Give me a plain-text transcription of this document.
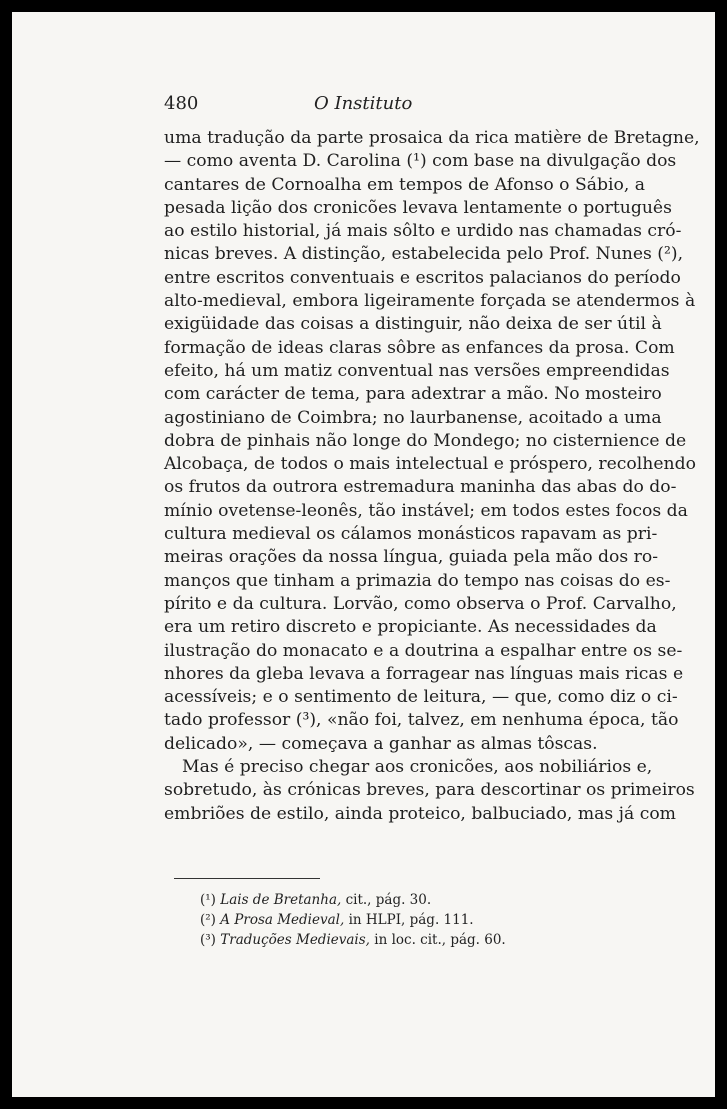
480	O Instituto
uma tradução da parte prosaica da rica matière de Bretagne,
— como aventa D. Carolina (¹) com base na divulgação dos
cantares de Cornoalha em tempos de Afonso o Sábio, a
pesada lição dos cronicões levava lentamente o português
ao estilo historial, já mais sôlto e urdido nas chamadas cró-
nicas breves. A distinção, estabelecida pelo Prof. Nunes (²),
entre escritos conventuais e escritos palacianos do período
alto-medieval, embora ligeiramente forçada se atendermos à
exigüidade das coisas a distinguir, não deixa de ser útil à
formação de ideas claras sôbre as enfances da prosa. Com
efeito, há um matiz conventual nas versões empreendidas
com carácter de tema, para adextrar a mão. No mosteiro
agostiniano de Coimbra; no laurbanense, acoitado a uma
dobra de pinhais não longe do Mondego; no cisternience de
Alcobaça, de todos o mais intelectual e próspero, recolhendo
os frutos da outrora estremadura maninha das abas do do-
mínio ovetense-leonês, tão instável; em todos estes focos da
cultura medieval os cálamos monásticos rapavam as pri-
meiras orações da nossa língua, guiada pela mão dos ro-
manços que tinham a primazia do tempo nas coisas do es-
pírito e da cultura. Lorvão, como observa o Prof. Carvalho,
era um retiro discreto e propiciante. As necessidades da
ilustração do monacato e a doutrina a espalhar entre os se-
nhores da gleba levava a forragear nas línguas mais ricas e
acessíveis; e o sentimento de leitura, — que, como diz o ci-
tado professor (³), «não foi, talvez, em nenhuma época, tão
delicado», — começava a ganhar as almas tôscas.
Mas é preciso chegar aos cronicões, aos nobiliários e,
sobretudo, às crónicas breves, para descortinar os primeiros
embriões de estilo, ainda proteico, balbuciado, mas já com
(¹) Lais de Bretanha, cit., pág. 30.
(²) A Prosa Medieval, in HLPI, pág. 111.
(³) Traduções Medievais, in loc. cit., pág. 60.
